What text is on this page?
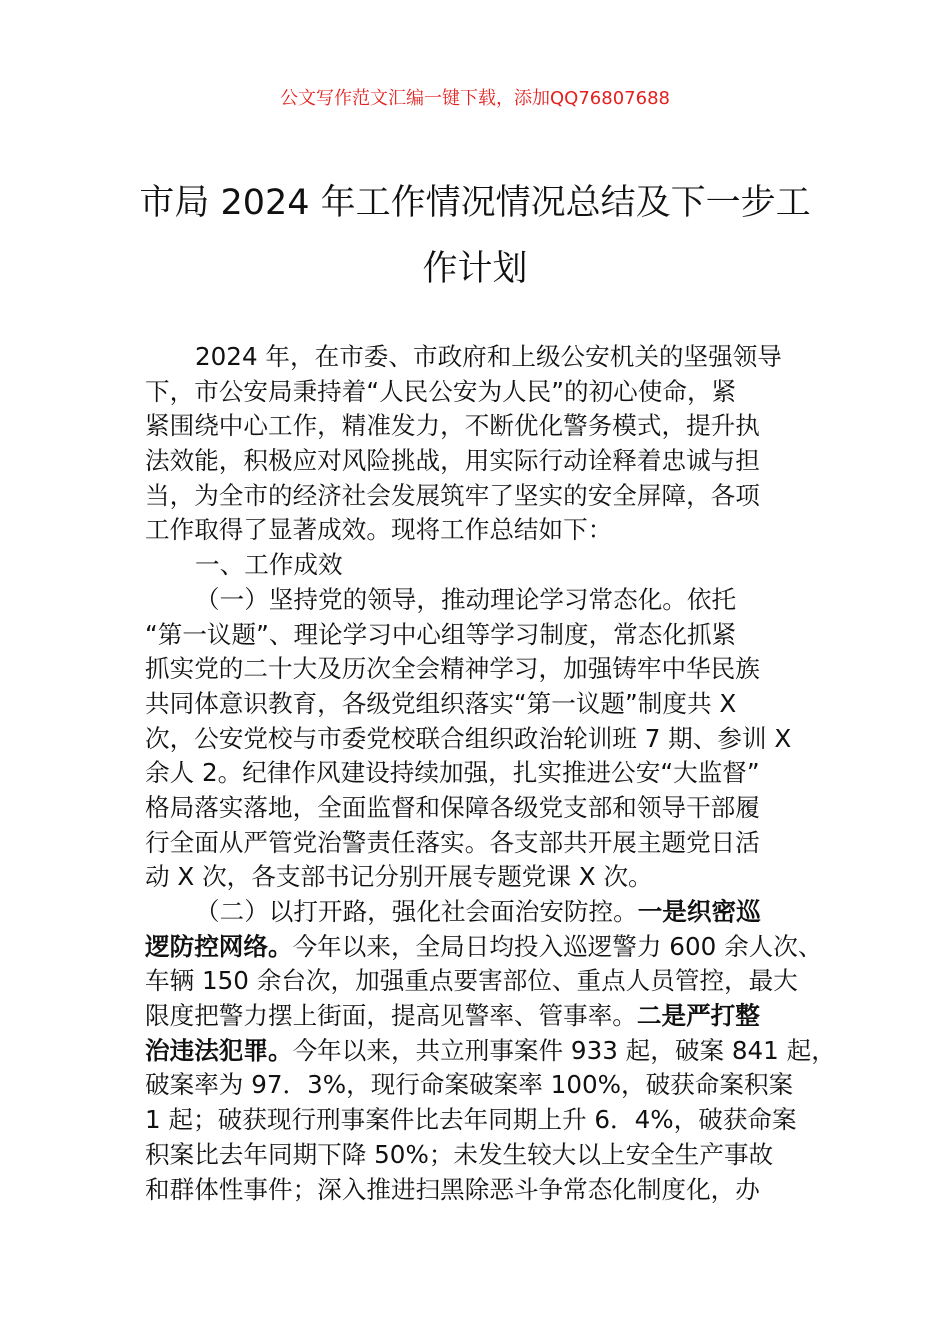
公文写作范文汇编一键下载，添加QQ76807688
市局 2024 年工作情况情况总结及下一步工
作计划
2024 年，在市委、市政府和上级公安机关的坚强领导
下，市公安局秉持着“人民公安为人民”的初心使命，紧
紧围绕中心工作，精准发力，不断优化警务模式，提升执
法效能，积极应对风险挑战，用实际行动诠释着忠诚与担
当，为全市的经济社会发展筑牢了坚实的安全屏障，各项
工作取得了显著成效。现将工作总结如下：
一、工作成效
（一）坚持党的领导，推动理论学习常态化。依托
“第一议题”、理论学习中心组等学习制度，常态化抓紧
抓实党的二十大及历次全会精神学习，加强铸牢中华民族
共同体意识教育，各级党组织落实“第一议题”制度共 X
次，公安党校与市委党校联合组织政治轮训班 7 期、参训 X
余人 2。纪律作风建设持续加强，扎实推进公安“大监督”
格局落实落地，全面监督和保障各级党支部和领导干部履
行全面从严管党治警责任落实。各支部共开展主题党日活
动 X 次，各支部书记分别开展专题党课 X 次。
（二）以打开路，强化社会面治安防控。一是织密巡
逻防控网络。今年以来，全局日均投入巡逻警力 600 余人次、
车辆 150 余台次，加强重点要害部位、重点人员管控，最大
限度把警力摆上街面，提高见警率、管事率。二是严打整
治违法犯罪。今年以来，共立刑事案件 933 起，破案 841 起，
破案率为 97．3%，现行命案破案率 100%，破获命案积案
1 起；破获现行刑事案件比去年同期上升 6．4%，破获命案
积案比去年同期下降 50%；未发生较大以上安全生产事故
和群体性事件；深入推进扫黑除恶斗争常态化制度化，办
